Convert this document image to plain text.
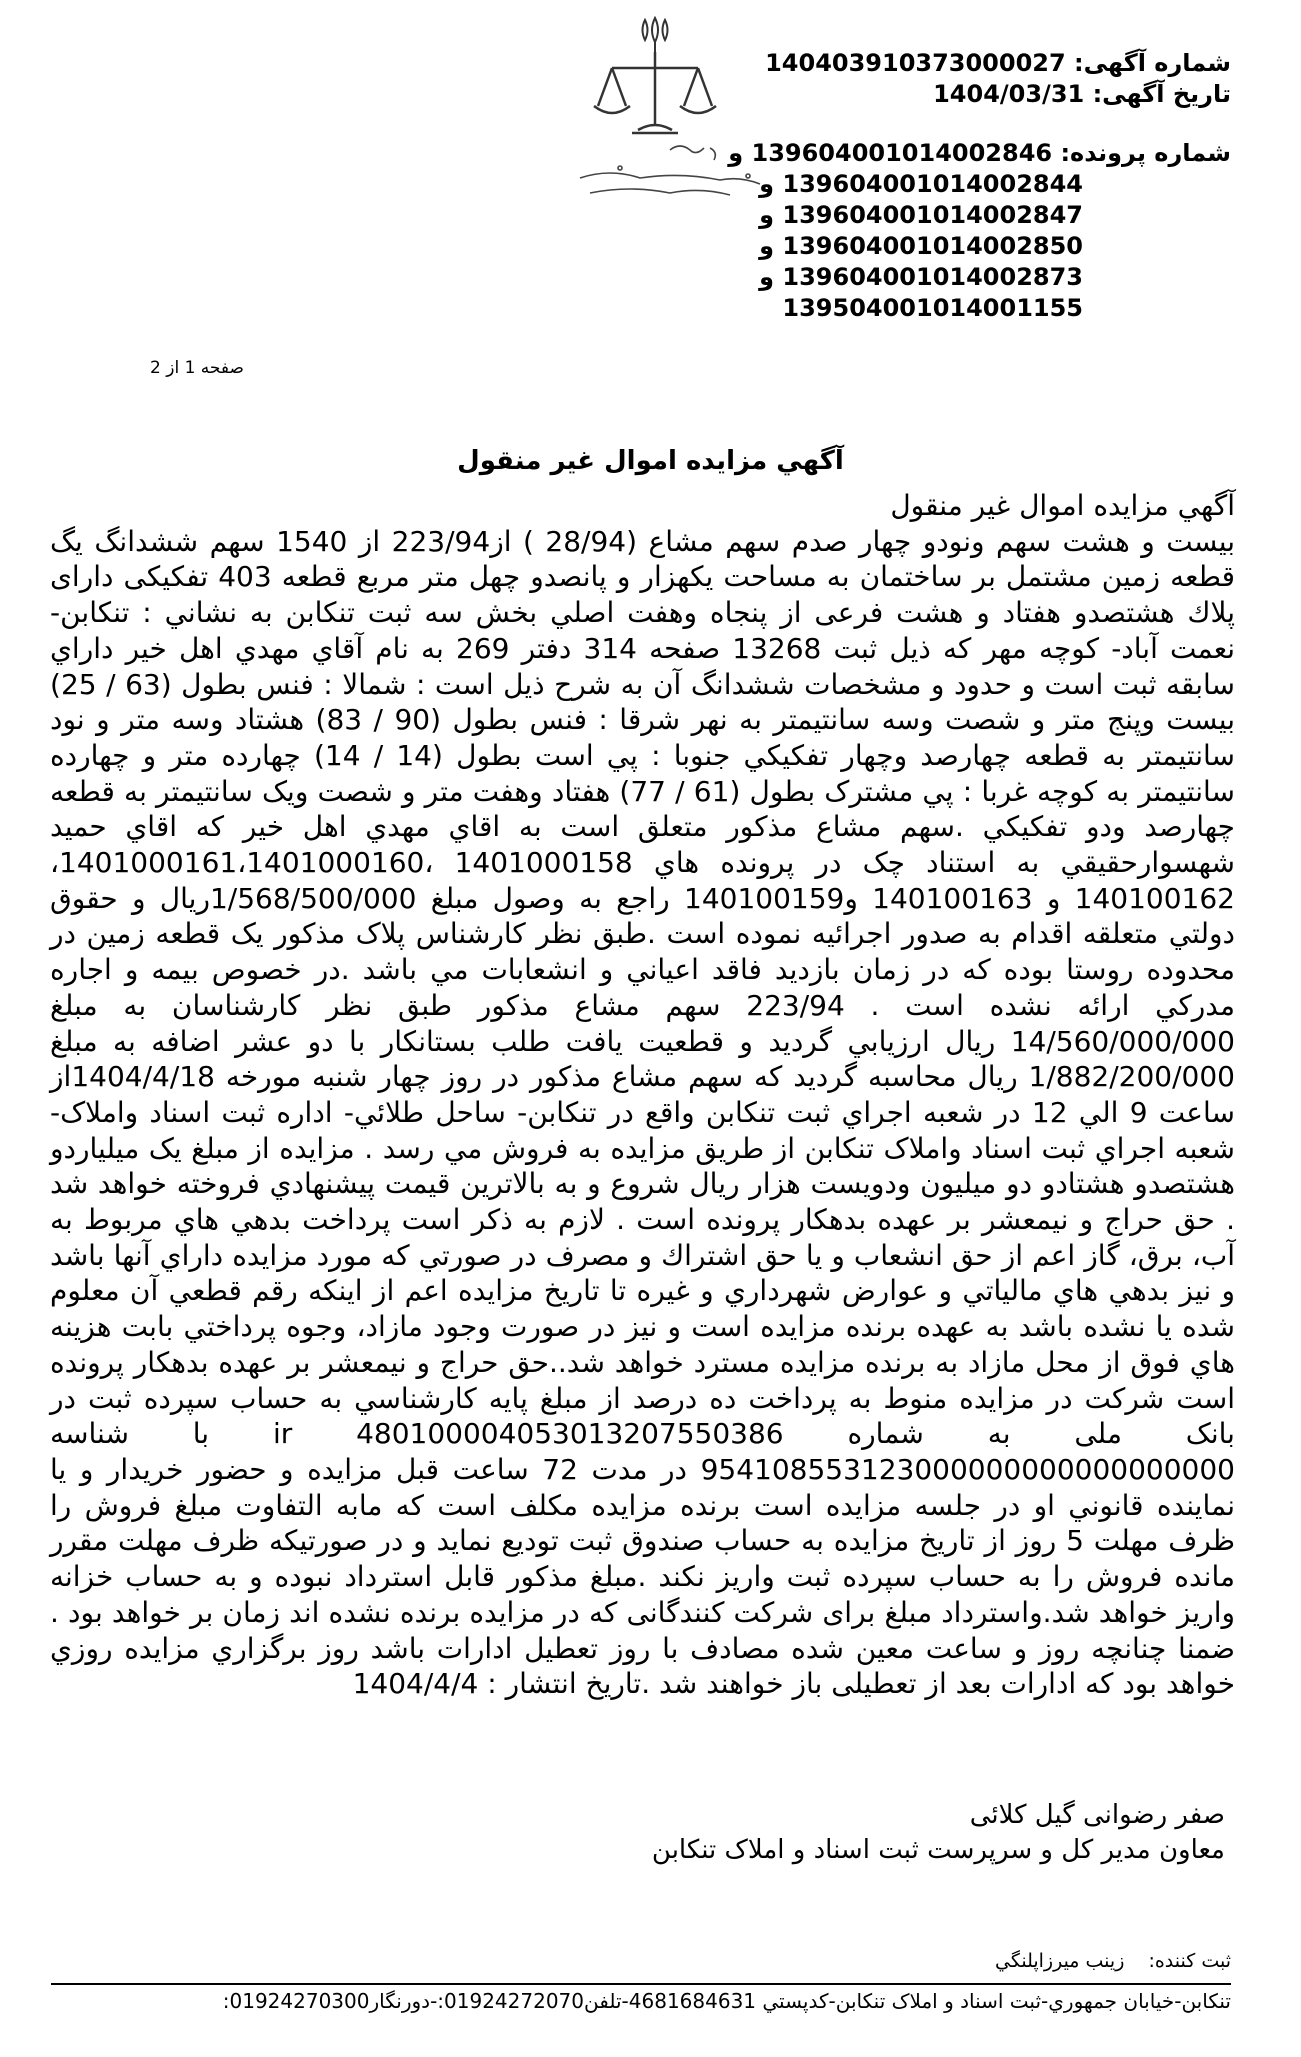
شماره آگهی: 140403910373000027
تاریخ آگهی: 1404/03/31
شماره پرونده: 13960400101400284‌6 و
13960400101400284‌4 و
13960400101400284‌7 و
1396040010140028‌50 و
1396040010140028‌73 و
1395040010140011‌55
صفحه 1 از 2
آگهي مزايده اموال غير منقول

آگهي مزايده اموال غير منقول

بيست و هشت سهم ونودو چهار صدم سهم مشاع (28/94 ) از223/94 از 1540 سهم ششدانگ يگ قطعه زمين مشتمل بر ساختمان به مساحت يكهزار و پانصدو چهل متر مربع قطعه 403 تفكيكى داراى پلاك هشتصدو هفتاد و هشت فرعى از پنجاه وهفت اصلي بخش سه ثبت تنكابن به نشاني : تنكابن- نعمت آباد- كوچه مهر كه ذيل ثبت 13268 صفحه 314 دفتر 269 به نام آقاي مهدي اهل خير داراي سابقه ثبت است و حدود و مشخصات ششدانگ آن به شرح ذيل است : شمالا : فنس بطول (63 / 25) بيست وپنج متر و شصت وسه سانتيمتر به نهر شرقا : فنس بطول (90 / 83) هشتاد وسه متر و نود سانتيمتر به قطعه چهارصد وچهار تفكيكي جنوبا : پي است بطول (14 / 14) چهارده متر و چهارده سانتيمتر به كوچه غربا : پي مشترک بطول (61 / 77) هفتاد وهفت متر و شصت ويک سانتيمتر به قطعه چهارصد ودو تفكيكي .سهم مشاع مذكور متعلق است به اقاي مهدي اهل خير كه اقاي حميد شهسوارحقيقي به استناد چک در پرونده هاي 1401000158 ،1401000161،1401000160، 140100162 و 140100163 و140100159 راجع به وصول مبلغ 1/568/500/000ريال و حقوق دولتي متعلقه اقدام به صدور اجرائيه نموده است .طبق نظر كارشناس پلاک مذکور يک قطعه زمين در محدوده روستا بوده که در زمان بازديد فاقد اعياني و انشعابات مي باشد .در خصوص بيمه و اجاره مدركي ارائه نشده است . 223/94 سهم مشاع مذكور طبق نظر كارشناسان به مبلغ 14/560/000/000 ريال ارزيابي گرديد و قطعيت يافت طلب بستانكار با دو عشر اضافه به مبلغ 1/882/200/000 ريال محاسبه گرديد كه سهم مشاع مذكور در روز چهار شنبه مورخه 1404/4/18از ساعت 9 الي 12 در شعبه اجراي ثبت تنكابن واقع در تنكابن- ساحل طلائي- اداره ثبت اسناد واملاک- شعبه اجراي ثبت اسناد واملاک تنكابن از طريق مزايده به فروش مي رسد . مزايده از مبلغ يک ميلياردو هشتصدو هشتادو دو ميليون ودويست هزار ريال شروع و به بالاترين قيمت پيشنهادي فروخته خواهد شد . حق حراج و نيمعشر بر عهده بدهكار پرونده است . لازم به ذكر است پرداخت بدهي هاي مربوط به آب، برق، گاز اعم از حق انشعاب و يا حق اشتراك و مصرف در صورتي كه مورد مزايده داراي آنها باشد و نيز بدهي هاي مالياتي و عوارض شهرداري و غيره تا تاريخ مزايده اعم از اينكه رقم قطعي آن معلوم شده يا نشده باشد به عهده برنده مزايده است و نيز در صورت وجود مازاد، وجوه پرداختي بابت هزينه هاي فوق از محل مازاد به برنده مزايده مسترد خواهد شد..حق حراج و نيمعشر بر عهده بدهكار پرونده است شركت در مزايده منوط به پرداخت ده درصد از مبلغ پايه كارشناسي به حساب سپرده ثبت در بانک ملی به شماره ir 480100004053013207550386 با شناسه 954108553123000000000000000000 در مدت 72 ساعت قبل مزايده و حضور خريدار و يا نماينده قانوني او در جلسه مزايده است برنده مزايده مكلف است كه مابه التفاوت مبلغ فروش را ظرف مهلت 5 روز از تاريخ مزايده به حساب صندوق ثبت توديع نمايد و در صورتيكه ظرف مهلت مقرر مانده فروش را به حساب سپرده ثبت واريز نكند .مبلغ مذكور قابل استرداد نبوده و به حساب خزانه واريز خواهد شد.واسترداد مبلغ براى شركت کنندگانى كه در مزايده برنده نشده اند زمان بر خواهد بود . ضمنا چنانچه روز و ساعت معين شده مصادف با روز تعطيل ادارات باشد روز برگزاري مزايده روزي خواهد بود كه ادارات بعد از تعطيلى باز خواهند شد .تاريخ انتشار : 1404/4/4

صفر رضوانى گيل كلائى
معاون مدير كل و سرپرست ثبت اسناد و املاک تنكابن
ثبت كننده: زينب ميرزاپلنگي
تنكابن-خيابان جمهوري-ثبت اسناد و املاک تنكابن-كدپستي 4681684631-تلفن01924272070:-دورنگار01924270300:
